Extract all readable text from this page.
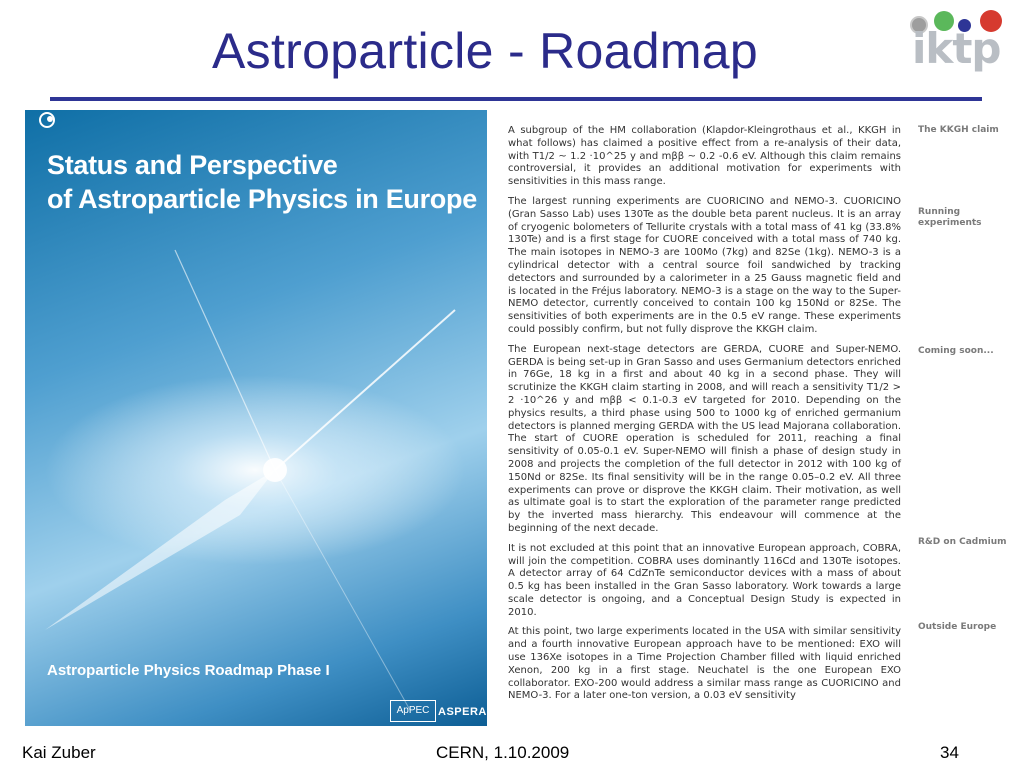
Astroparticle - Roadmap	iktp
Status and Perspective
of Astroparticle Physics in Europe
Astroparticle Physics Roadmap Phase I
ApPEC ASPERA

A subgroup of the HM collaboration (Klapdor-Kleingrothaus et al., KKGH in what follows) has claimed a positive effect from a re-analysis of their data, with T1/2 ~ 1.2 ·10^25 y and mββ ~ 0.2 -0.6 eV. Although this claim remains controversial, it provides an additional motivation for experiments with sensitivities in this mass range.

The largest running experiments are CUORICINO and NEMO-3. CUORICINO (Gran Sasso Lab) uses 130Te as the double beta parent nucleus. It is an array of cryogenic bolometers of Tellurite crystals with a total mass of 41 kg (33.8% 130Te) and is a first stage for CUORE conceived with a total mass of 740 kg. The main isotopes in NEMO-3 are 100Mo (7kg) and 82Se (1kg). NEMO-3 is a cylindrical detector with a central source foil sandwiched by tracking detectors and surrounded by a calorimeter in a 25 Gauss magnetic field and is located in the Fréjus laboratory. NEMO-3 is a stage on the way to the Super-NEMO detector, currently conceived to contain 100 kg 150Nd or 82Se. The sensitivities of both experiments are in the 0.5 eV range. These experiments could possibly confirm, but not fully disprove the KKGH claim.

The European next-stage detectors are GERDA, CUORE and Super-NEMO. GERDA is being set-up in Gran Sasso and uses Germanium detectors enriched in 76Ge, 18 kg in a first and about 40 kg in a second phase. They will scrutinize the KKGH claim starting in 2008, and will reach a sensitivity T1/2 > 2 ·10^26 y and mββ < 0.1-0.3 eV targeted for 2010. Depending on the physics results, a third phase using 500 to 1000 kg of enriched germanium detectors is planned merging GERDA with the US lead Majorana collaboration. The start of CUORE operation is scheduled for 2011, reaching a final sensitivity of 0.05-0.1 eV. Super-NEMO will finish a phase of design study in 2008 and projects the completion of the full detector in 2012 with 100 kg of 150Nd or 82Se. Its final sensitivity will be in the range 0.05–0.2 eV. All three experiments can prove or disprove the KKGH claim. Their motivation, as well as ultimate goal is to start the exploration of the parameter range predicted by the inverted mass hierarchy. This endeavour will commence at the beginning of the next decade.

It is not excluded at this point that an innovative European approach, COBRA, will join the competition. COBRA uses dominantly 116Cd and 130Te isotopes. A detector array of 64 CdZnTe semiconductor devices with a mass of about 0.5 kg has been installed in the Gran Sasso laboratory. Work towards a large scale detector is ongoing, and a Conceptual Design Study is expected in 2010.

At this point, two large experiments located in the USA with similar sensitivity and a fourth innovative European approach have to be mentioned: EXO will use 136Xe isotopes in a Time Projection Chamber filled with liquid enriched Xenon, 200 kg in a first stage. Neuchatel is the one European EXO collaborator. EXO-200 would address a similar mass range as CUORICINO and NEMO-3. For a later one-ton version, a 0.03 eV sensitivity

The KKGH claim
Running
experiments
Coming soon...
R&D on Cadmium
Outside Europe
Kai Zuber	CERN, 1.10.2009	34
